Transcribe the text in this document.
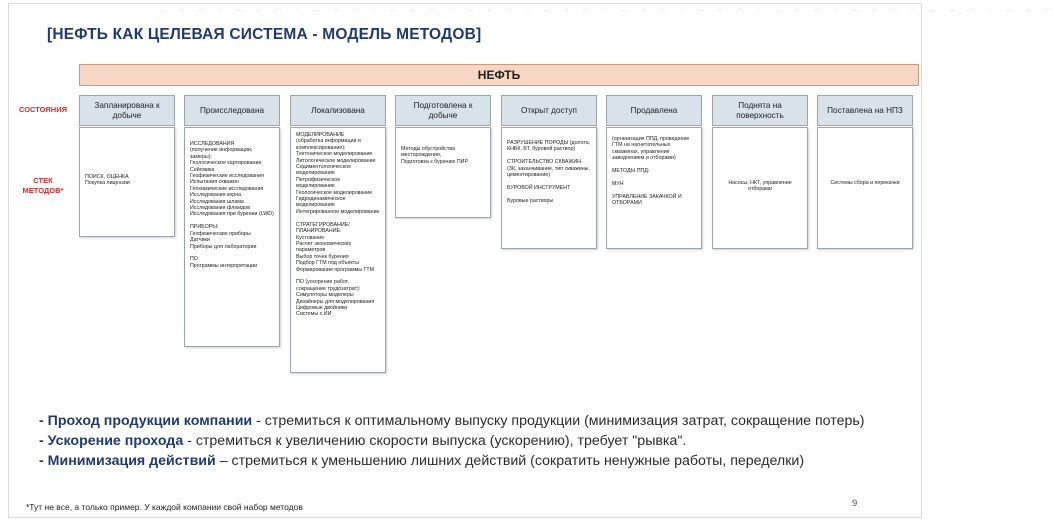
~ ∘ ⌒ ◦ ~ ∘ ⌒ ◦ ~ ∘ ⌒ ◦ ~ ∘ ⌒ ◦ ~ ∘ ⌒ ◦ ~ ∘ ⌒ ◦ ~ ∘ ⌒ ◦ ~ ∘ ⌒ ◦ ~ ∘ ⌒ ◦ ~ ∘ ⌒ ◦ ~ ∘ ⌒ ◦ ~ ∘ ⌒
[НЕФТЬ КАК ЦЕЛЕВАЯ СИСТЕМА - МОДЕЛЬ МЕТОДОВ]
НЕФТЬ
СОСТОЯНИЯ
СТЕК
МЕТОДОВ*
Запланирована к добыче
ПОИСК, ОЦЕНКА
Покупка лицензии
Происследована
ИССЛЕДОВАНИЯ
(получение информации, замеры):
Геологическое картирование
Сейсмика
Геофизические исследования
Испытания скважин
Геохимические исследования
Исследования керна
Исследования шлама
Исследования флюидов
Исследования при бурении (LWD)

ПРИБОРЫ:
Геофизические приборы
Датчики
Приборы для лаборатории

ПО
Программы интерпретации
Локализована
МОДЕЛИРОВАНИЕ
(обработка информации и комплексирование):
Тектоническое моделирование
Литологическое моделирование
Седиментологическое моделирование
Петрофизическое моделирование
Геологическое моделирование
Гидродинамическое моделирование
Интегрированное моделирование

СТРАТЕГИРОВАНИЕ/ ПЛАНИРОВАНИЕ:
Кустование
Расчет экономических параметров
Выбор точек бурения
Подбор ГТМ под объекты
Формирование программы ГТМ

ПО (ускорение работ, сокращение трудозатрат):
Симуляторы моделеры
Дизайнеры для моделирования
Цифровые двойники
Системы с ИИ
Подготовлена к добыче
Методы обустройства месторождения,
Подготовка к бурению ПИР
Открыт доступ
РАЗРУШЕНИЕ ПОРОДЫ (долота, КНБК, БТ, буровой раствор)

СТРОИТЕЛЬСТВО СКВАЖИН (ЗК, заканчивание, тип скважины, цементирование)

БУРОВОЙ ИНСТРУМЕНТ

Буровые растворы
Продавлена
(организация ППД, проведение ГТМ на нагнетательных скважинах, управление заводнением и отборами)

МЕТОДЫ ППД:

МУН

УПРАВЛЕНИЕ ЗАКАЧКОЙ И ОТБОРАМИ
Поднята на поверхность
Насосы, НКТ, управление отборами
Поставлена на НПЗ
Системы сбора и перекачки

- Проход продукции компании - стремиться к оптимальному выпуску продукции (минимизация затрат, сокращение потерь)

- Ускорение прохода - стремиться к увеличению скорости выпуска (ускорению), требует "рывка".

- Минимизация действий – стремиться к уменьшению лишних действий (сократить ненужные работы, переделки)

9
*Тут не все, а только пример. У каждой компании свой набор методов
